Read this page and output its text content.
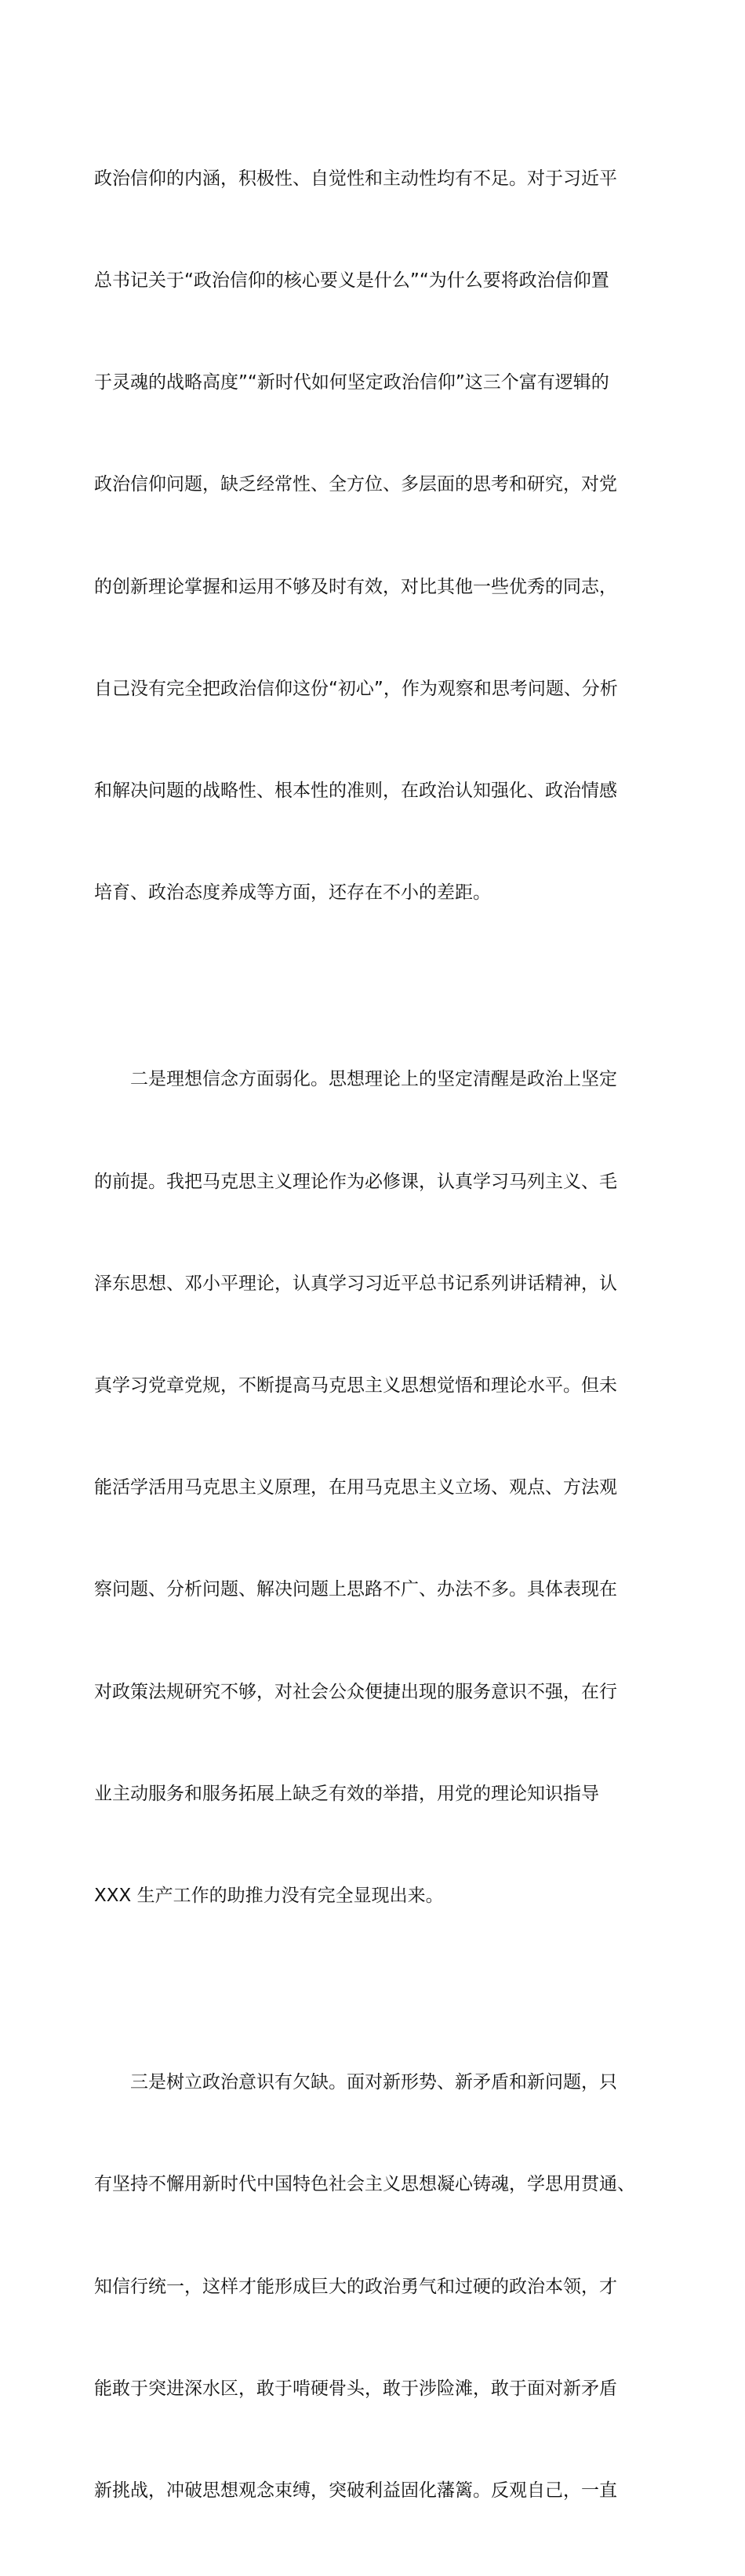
政治信仰的内涵，积极性、自觉性和主动性均有不足。对于习近平

总书记关于“政治信仰的核心要义是什么”“为什么要将政治信仰置

于灵魂的战略高度”“新时代如何坚定政治信仰”这三个富有逻辑的

政治信仰问题，缺乏经常性、全方位、多层面的思考和研究，对党

的创新理论掌握和运用不够及时有效，对比其他一些优秀的同志，

自己没有完全把政治信仰这份“初心”，作为观察和思考问题、分析

和解决问题的战略性、根本性的准则，在政治认知强化、政治情感

培育、政治态度养成等方面，还存在不小的差距。

二是理想信念方面弱化。思想理论上的坚定清醒是政治上坚定

的前提。我把马克思主义理论作为必修课，认真学习马列主义、毛

泽东思想、邓小平理论，认真学习习近平总书记系列讲话精神，认

真学习党章党规，不断提高马克思主义思想觉悟和理论水平。但未

能活学活用马克思主义原理，在用马克思主义立场、观点、方法观

察问题、分析问题、解决问题上思路不广、办法不多。具体表现在

对政策法规研究不够，对社会公众便捷出现的服务意识不强，在行

业主动服务和服务拓展上缺乏有效的举措，用党的理论知识指导

XXX 生产工作的助推力没有完全显现出来。

三是树立政治意识有欠缺。面对新形势、新矛盾和新问题，只

有坚持不懈用新时代中国特色社会主义思想凝心铸魂，学思用贯通、

知信行统一，这样才能形成巨大的政治勇气和过硬的政治本领，才

能敢于突进深水区，敢于啃硬骨头，敢于涉险滩，敢于面对新矛盾

新挑战，冲破思想观念束缚，突破利益固化藩篱。反观自己，一直
